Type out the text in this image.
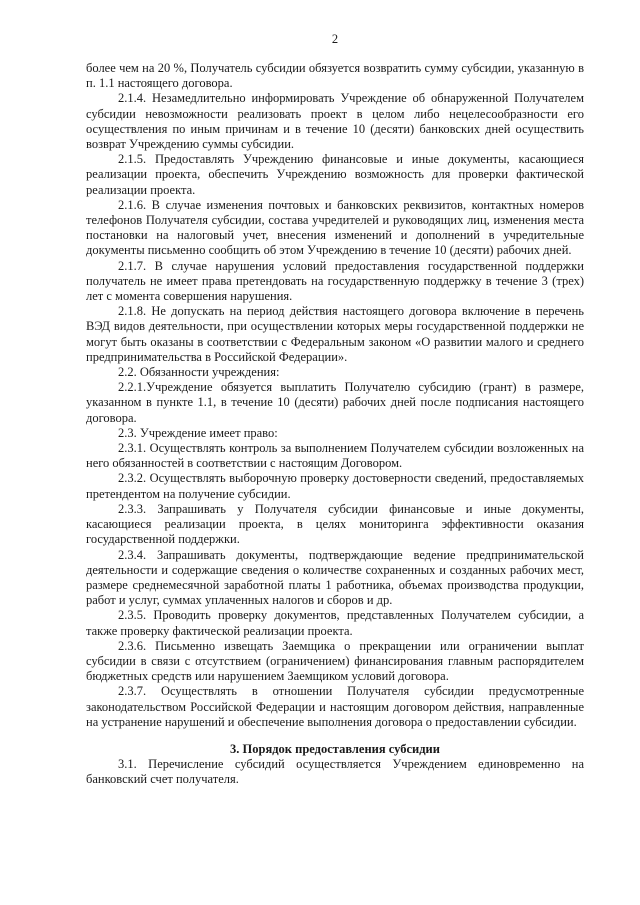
2

более чем на 20 %, Получатель субсидии обязуется возвратить сумму субсидии, указанную в п. 1.1 настоящего договора.

2.1.4. Незамедлительно информировать Учреждение об обнаруженной Получателем субсидии невозможности реализовать проект в целом либо нецелесообразности его осуществления по иным причинам и в течение 10 (десяти) банковских дней осуществить возврат Учреждению суммы субсидии.

2.1.5. Предоставлять Учреждению финансовые и иные документы, касающиеся реализации проекта, обеспечить Учреждению возможность для проверки фактической реализации проекта.

2.1.6. В случае изменения почтовых и банковских реквизитов, контактных номеров телефонов Получателя субсидии, состава учредителей и руководящих лиц, изменения места постановки на налоговый учет, внесения изменений и дополнений в учредительные документы письменно сообщить об этом Учреждению в течение 10 (десяти) рабочих дней.

2.1.7. В случае нарушения условий предоставления государственной поддержки получатель не имеет права претендовать на государственную поддержку в течение 3 (трех) лет с момента совершения нарушения.

2.1.8. Не допускать на период действия настоящего договора включение в перечень ВЭД видов деятельности, при осуществлении которых меры государственной поддержки не могут быть оказаны в соответствии с Федеральным законом «О развитии малого и среднего предпринимательства в Российской Федерации».

2.2. Обязанности учреждения:

2.2.1.Учреждение обязуется выплатить Получателю субсидию (грант) в размере, указанном в пункте 1.1, в течение 10 (десяти) рабочих дней после подписания настоящего договора.

2.3. Учреждение имеет право:

2.3.1. Осуществлять контроль за выполнением Получателем субсидии возложенных на него обязанностей в соответствии с настоящим Договором.

2.3.2. Осуществлять выборочную проверку достоверности сведений, предоставляемых претендентом на получение субсидии.

2.3.3. Запрашивать у Получателя субсидии финансовые и иные документы, касающиеся реализации проекта, в целях мониторинга эффективности оказания государственной поддержки.

2.3.4. Запрашивать документы, подтверждающие ведение предпринимательской деятельности и содержащие сведения о количестве сохраненных и созданных рабочих мест, размере среднемесячной заработной платы 1 работника, объемах производства продукции, работ и услуг, суммах уплаченных налогов и сборов и др.

2.3.5. Проводить проверку документов, представленных Получателем субсидии, а также проверку фактической реализации проекта.

2.3.6. Письменно извещать Заемщика о прекращении или ограничении выплат субсидии в связи с отсутствием (ограничением) финансирования главным распорядителем бюджетных средств или нарушением Заемщиком условий договора.

2.3.7. Осуществлять в отношении Получателя субсидии предусмотренные законодательством Российской Федерации и настоящим договором действия, направленные на устранение нарушений и обеспечение выполнения договора о предоставлении субсидии.

3. Порядок предоставления субсидии

3.1. Перечисление субсидий осуществляется Учреждением единовременно на банковский счет получателя.
